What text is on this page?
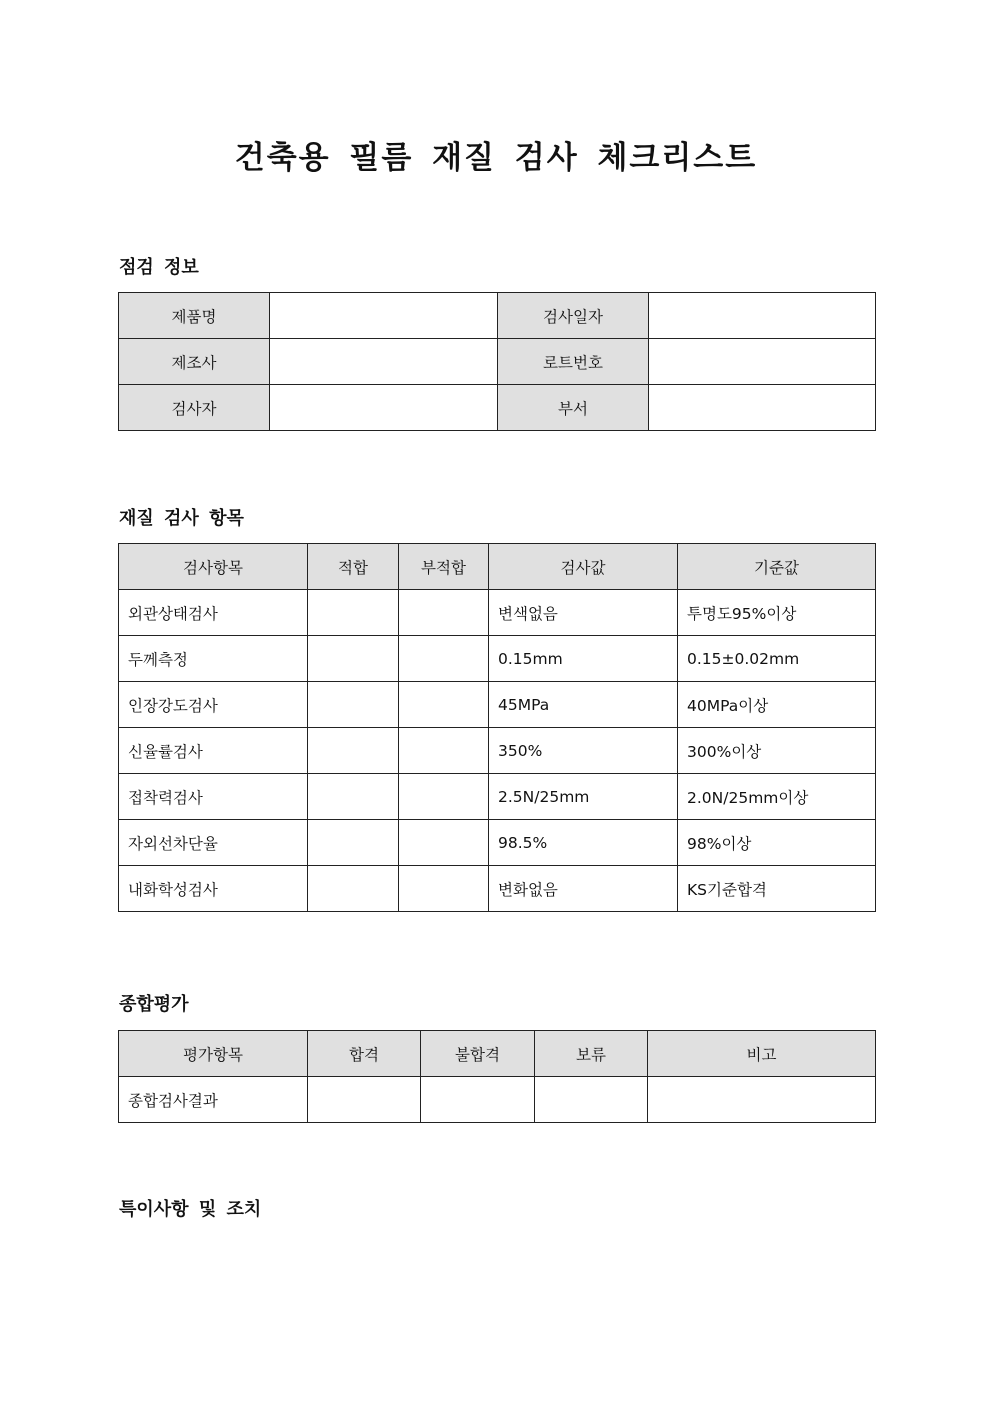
건축용 필름 재질 검사 체크리스트
점검 정보
제품명		검사일자	
제조사		로트번호	
검사자		부서	
재질 검사 항목
검사항목	적합	부적합	검사값	기준값
외관상태검사			변색없음	투명도95%이상
두께측정			0.15mm	0.15±0.02mm
인장강도검사			45MPa	40MPa이상
신율률검사			350%	300%이상
접착력검사			2.5N/25mm	2.0N/25mm이상
자외선차단율			98.5%	98%이상
내화학성검사			변화없음	KS기준합격
종합평가
평가항목	합격	불합격	보류	비고
종합검사결과				
특이사항 및 조치
